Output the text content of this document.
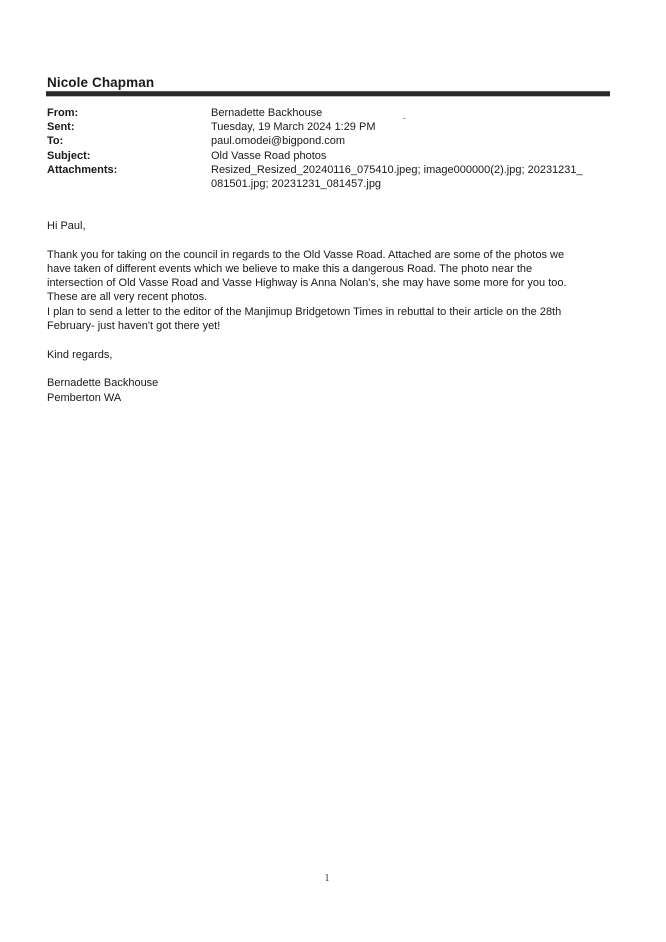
Nicole Chapman
-
From:	Bernadette Backhouse
Sent:	Tuesday, 19 March 2024 1:29 PM
To:	paul.omodei@bigpond.com
Subject:	Old Vasse Road photos
Attachments:	Resized_Resized_20240116_075410.jpeg; image000000(2).jpg; 20231231_
081501.jpg; 20231231_081457.jpg

Hi Paul,

Thank you for taking on the council in regards to the Old Vasse Road. Attached are some of the photos we have taken of different events which we believe to make this a dangerous Road. The photo near the intersection of Old Vasse Road and Vasse Highway is Anna Nolan's, she may have some more for you too.

These are all very recent photos.

I plan to send a letter to the editor of the Manjimup Bridgetown Times in rebuttal to their article on the 28th February- just haven't got there yet!

Kind regards,

Bernadette Backhouse

Pemberton WA

1
